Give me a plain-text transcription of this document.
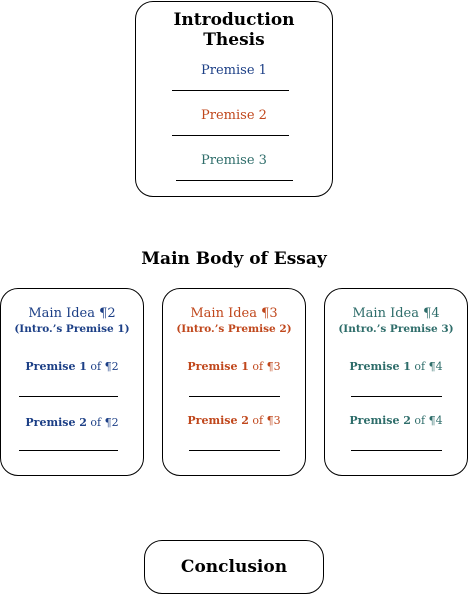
Introduction
Thesis
Premise 1
Premise 2
Premise 3
Main Body of Essay
Main Idea ¶2
(Intro.’s Premise 1)
Premise 1 of ¶2
Premise 2 of ¶2
Main Idea ¶3
(Intro.’s Premise 2)
Premise 1 of ¶3
Premise 2 of ¶3
Main Idea ¶4
(Intro.’s Premise 3)
Premise 1 of ¶4
Premise 2 of ¶4
Conclusion
